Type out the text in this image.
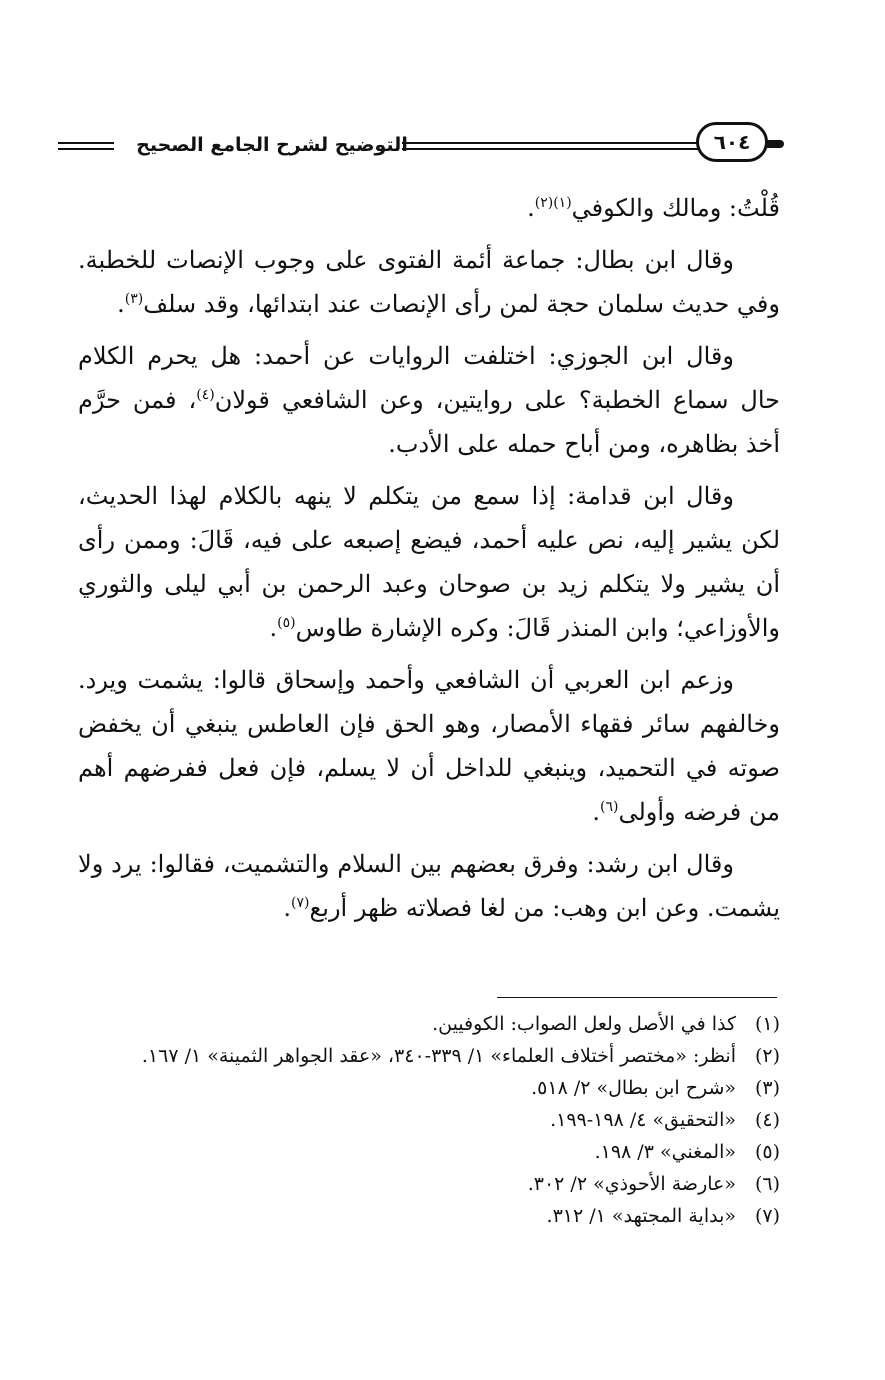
التوضيح لشرح الجامع الصحيح	٦٠٤

قُلْتُ: ومالك والكوفي$^{(١)(٢)}$.

وقال ابن بطال: جماعة أئمة الفتوى على وجوب الإنصات للخطبة. وفي حديث سلمان حجة لمن رأى الإنصات عند ابتدائها، وقد سلف$^{(٣)}$.

وقال ابن الجوزي: اختلفت الروايات عن أحمد: هل يحرم الكلام حال سماع الخطبة؟ على روايتين، وعن الشافعي قولان$^{(٤)}$، فمن حرَّم أخذ بظاهره، ومن أباح حمله على الأدب.

وقال ابن قدامة: إذا سمع من يتكلم لا ينهه بالكلام لهذا الحديث، لكن يشير إليه، نص عليه أحمد، فيضع إصبعه على فيه، قَالَ: وممن رأى أن يشير ولا يتكلم زيد بن صوحان وعبد الرحمن بن أبي ليلى والثوري والأوزاعي؛ وابن المنذر قَالَ: وكره الإشارة طاوس$^{(٥)}$.

وزعم ابن العربي أن الشافعي وأحمد وإسحاق قالوا: يشمت ويرد. وخالفهم سائر فقهاء الأمصار، وهو الحق فإن العاطس ينبغي أن يخفض صوته في التحميد، وينبغي للداخل أن لا يسلم، فإن فعل ففرضهم أهم من فرضه وأولى$^{(٦)}$.

وقال ابن رشد: وفرق بعضهم بين السلام والتشميت، فقالوا: يرد ولا يشمت. وعن ابن وهب: من لغا فصلاته ظهر أربع$^{(٧)}$.

(١)
كذا في الأصل ولعل الصواب: الكوفيين.
(٢)
أنظر: «مختصر أختلاف العلماء» ١/ ٣٣٩-٣٤٠، «عقد الجواهر الثمينة» ١/ ١٦٧.
(٣)
«شرح ابن بطال» ٢/ ٥١٨.
(٤)
«التحقيق» ٤/ ١٩٨-١٩٩.
(٥)
«المغني» ٣/ ١٩٨.
(٦)
«عارضة الأحوذي» ٢/ ٣٠٢.
(٧)
«بداية المجتهد» ١/ ٣١٢.
